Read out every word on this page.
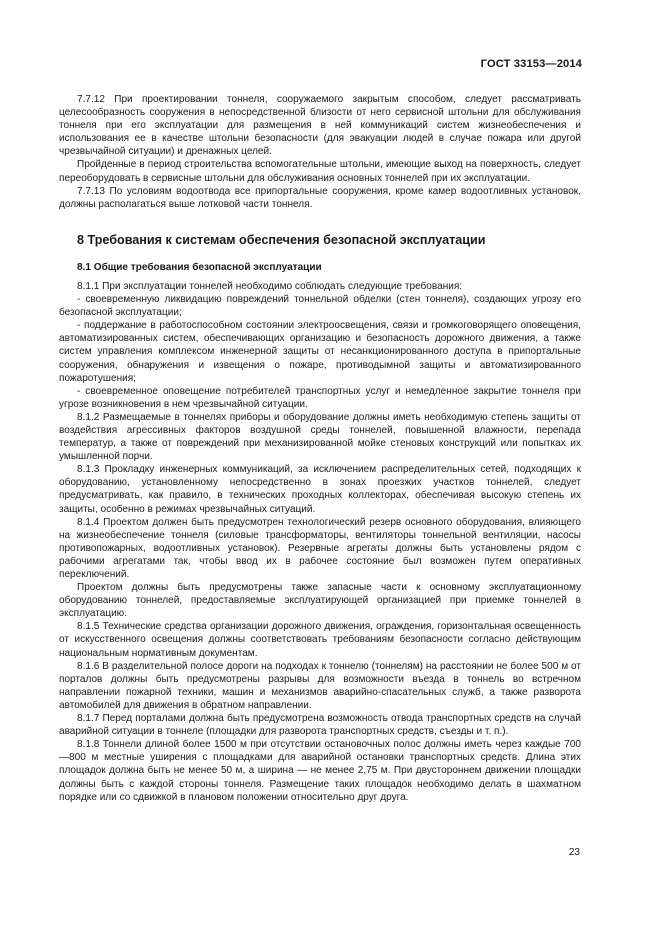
ГОСТ 33153—2014

7.7.12 При проектировании тоннеля, сооружаемого закрытым способом, следует рассматривать целесообразность сооружения в непосредственной близости от него сервисной штольни для обслуживания тоннеля при его эксплуатации для размещения в ней коммуникаций систем жизнеобеспечения и использования ее в качестве штольни безопасности (для эвакуации людей в случае пожара или другой чрезвычайной ситуации) и дренажных целей.

Пройденные в период строительства вспомогательные штольни, имеющие выход на поверхность, следует переоборудовать в сервисные штольни для обслуживания основных тоннелей при их эксплуатации.

7.7.13 По условиям водоотвода все припортальные сооружения, кроме камер водоотливных установок, должны располагаться выше лотковой части тоннеля.

8 Требования к системам обеспечения безопасной эксплуатации
8.1 Общие требования безопасной эксплуатации

8.1.1 При эксплуатации тоннелей необходимо соблюдать следующие требования:

- своевременную ликвидацию повреждений тоннельной обделки (стен тоннеля), создающих угрозу его безопасной эксплуатации;

- поддержание в работоспособном состоянии электроосвещения, связи и громкоговорящего оповещения, автоматизированных систем, обеспечивающих организацию и безопасность дорожного движения, а также систем управления комплексом инженерной защиты от несанкционированного доступа в припортальные сооружения, обнаружения и извещения о пожаре, противодымной защиты и автоматизированного пожаротушения;

- своевременное оповещение потребителей транспортных услуг и немедленное закрытие тоннеля при угрозе возникновения в нем чрезвычайной ситуации.

8.1.2 Размещаемые в тоннелях приборы и оборудование должны иметь необходимую степень защиты от воздействия агрессивных факторов воздушной среды тоннелей, повышенной влажности, перепада температур, а также от повреждений при механизированной мойке стеновых конструкций или попытках их умышленной порчи.

8.1.3 Прокладку инженерных коммуникаций, за исключением распределительных сетей, подходящих к оборудованию, установленному непосредственно в зонах проезжих участков тоннелей, следует предусматривать, как правило, в технических проходных коллекторах, обеспечивая высокую степень их защиты, особенно в режимах чрезвычайных ситуаций.

8.1.4 Проектом должен быть предусмотрен технологический резерв основного оборудования, влияющего на жизнеобеспечение тоннеля (силовые трансформаторы, вентиляторы тоннельной вентиляции, насосы противопожарных, водоотливных установок). Резервные агрегаты должны быть установлены рядом с рабочими агрегатами так, чтобы ввод их в рабочее состояние был возможен путем оперативных переключений.

Проектом должны быть предусмотрены также запасные части к основному эксплуатационному оборудованию тоннелей, предоставляемые эксплуатирующей организацией при приемке тоннелей в эксплуатацию.

8.1.5 Технические средства организации дорожного движения, ограждения, горизонтальная освещенность от искусственного освещения должны соответствовать требованиям безопасности согласно действующим национальным нормативным документам.

8.1.6 В разделительной полосе дороги на подходах к тоннелю (тоннелям) на расстоянии не более 500 м от порталов должны быть предусмотрены разрывы для возможности въезда в тоннель во встречном направлении пожарной техники, машин и механизмов аварийно-спасательных служб, а также разворота автомобилей для движения в обратном направлении.

8.1.7 Перед порталами должна быть предусмотрена возможность отвода транспортных средств на случай аварийной ситуации в тоннеле (площадки для разворота транспортных средств, съезды и т. п.).

8.1.8 Тоннели длиной более 1500 м при отсутствии остановочных полос должны иметь через каждые 700—800 м местные уширения с площадками для аварийной остановки транспортных средств. Длина этих площадок должна быть не менее 50 м, а ширина — не менее 2,75 м. При двустороннем движении площадки должны быть с каждой стороны тоннеля. Размещение таких площадок необходимо делать в шахматном порядке или со сдвижкой в плановом положении относительно друг друга.

23
